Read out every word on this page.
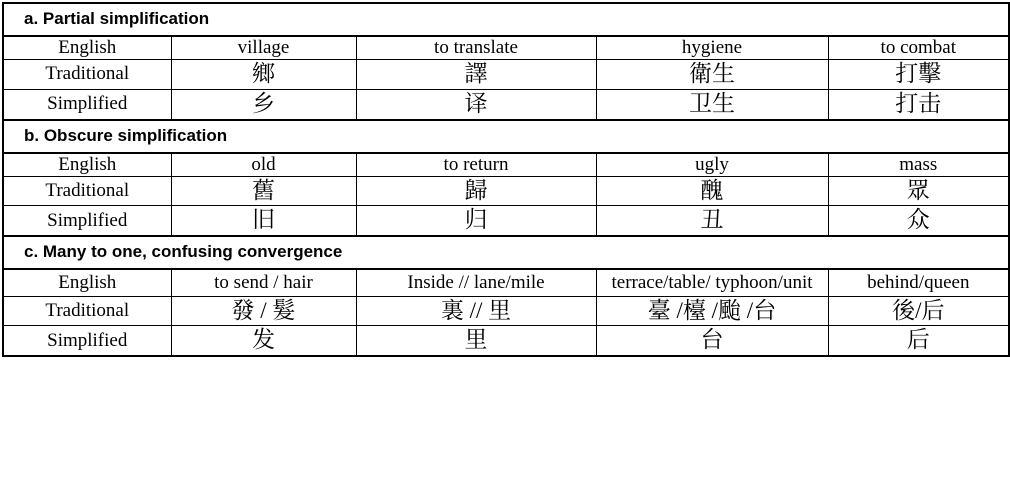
a. Partial simplification				
English	village	to translate	hygiene	to combat
Traditional	鄉	譯	衛生	打擊
Simplified	乡	译	卫生	打击
b. Obscure simplification				
English	old	to return	ugly	mass
Traditional	舊	歸	醜	眾
Simplified	旧	归	丑	众
c. Many to one, confusing convergence				
English	to send / hair	Inside // lane/mile	terrace/table/ typhoon/unit	behind/queen
Traditional	發 / 髮	裏 // 里	臺 /檯 /颱 /台	後/后
Simplified	发	里	台	后
